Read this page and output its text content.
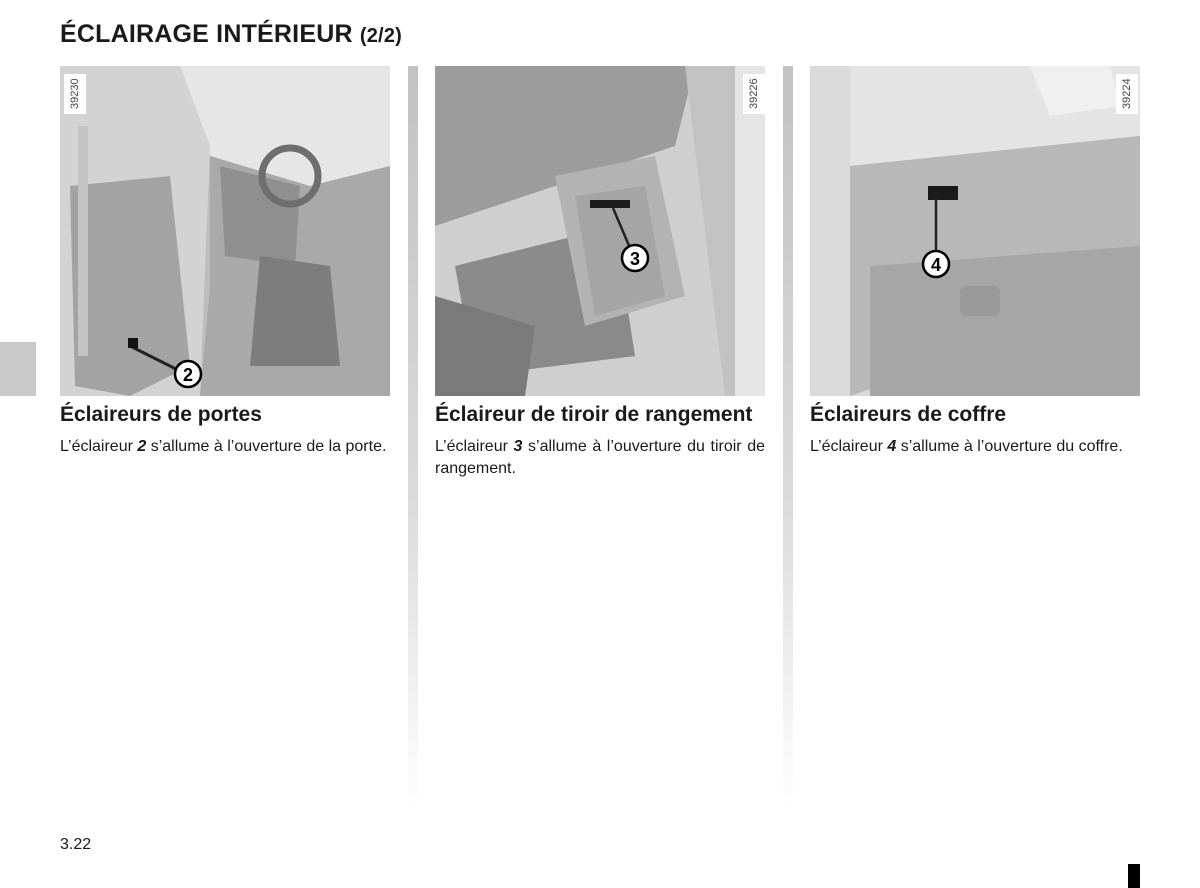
ÉCLAIRAGE INTÉRIEUR (2/2)
2
39230
Éclaireurs de portes

L’éclaireur 2 s’allume à l’ouverture de la porte.

3
39226
Éclaireur de tiroir de rangement

L’éclaireur 3 s’allume à l’ouverture du tiroir de rangement.

4
39224
Éclaireurs de coffre

L’éclaireur 4 s’allume à l’ouverture du coffre.

3.22
